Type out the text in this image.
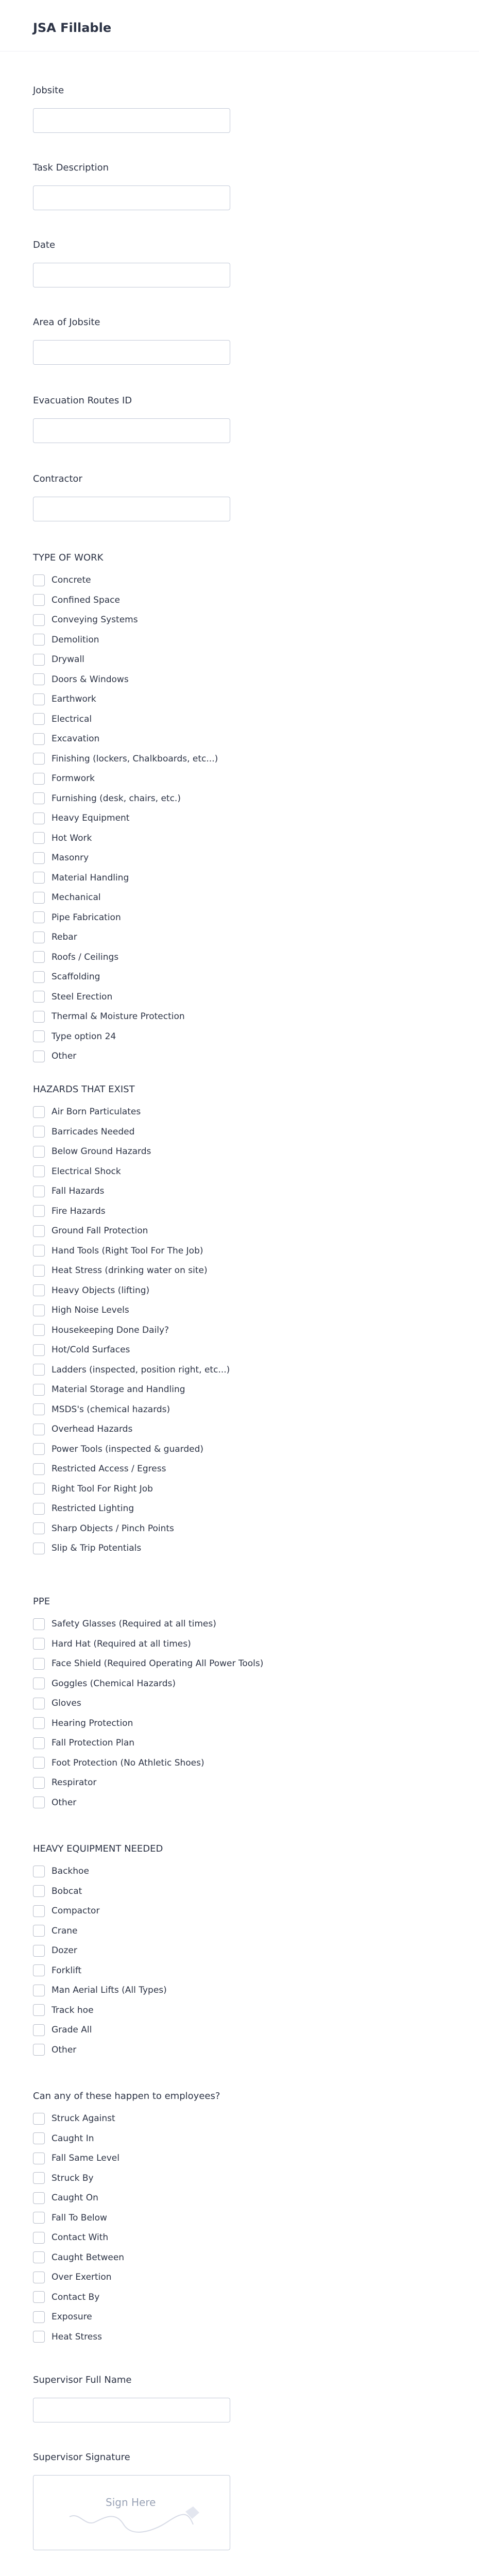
JSA Fillable
Jobsite
Task Description
Date
Area of Jobsite
Evacuation Routes ID
Contractor
TYPE OF WORK
Concrete
Confined Space
Conveying Systems
Demolition
Drywall
Doors & Windows
Earthwork
Electrical
Excavation
Finishing (lockers, Chalkboards, etc...)
Formwork
Furnishing (desk, chairs, etc.)
Heavy Equipment
Hot Work
Masonry
Material Handling
Mechanical
Pipe Fabrication
Rebar
Roofs / Ceilings
Scaffolding
Steel Erection
Thermal & Moisture Protection
Type option 24
Other
HAZARDS THAT EXIST
Air Born Particulates
Barricades Needed
Below Ground Hazards
Electrical Shock
Fall Hazards
Fire Hazards
Ground Fall Protection
Hand Tools (Right Tool For The Job)
Heat Stress (drinking water on site)
Heavy Objects (lifting)
High Noise Levels
Housekeeping Done Daily?
Hot/Cold Surfaces
Ladders (inspected, position right, etc...)
Material Storage and Handling
MSDS's (chemical hazards)
Overhead Hazards
Power Tools (inspected & guarded)
Restricted Access / Egress
Right Tool For Right Job
Restricted Lighting
Sharp Objects / Pinch Points
Slip & Trip Potentials
PPE
Safety Glasses (Required at all times)
Hard Hat (Required at all times)
Face Shield (Required Operating All Power Tools)
Goggles (Chemical Hazards)
Gloves
Hearing Protection
Fall Protection Plan
Foot Protection (No Athletic Shoes)
Respirator
Other
HEAVY EQUIPMENT NEEDED
Backhoe
Bobcat
Compactor
Crane
Dozer
Forklift
Man Aerial Lifts (All Types)
Track hoe
Grade All
Other
Can any of these happen to employees?
Struck Against
Caught In
Fall Same Level
Struck By
Caught On
Fall To Below
Contact With
Caught Between
Over Exertion
Contact By
Exposure
Heat Stress
Supervisor Full Name
Supervisor Signature
Sign Here
